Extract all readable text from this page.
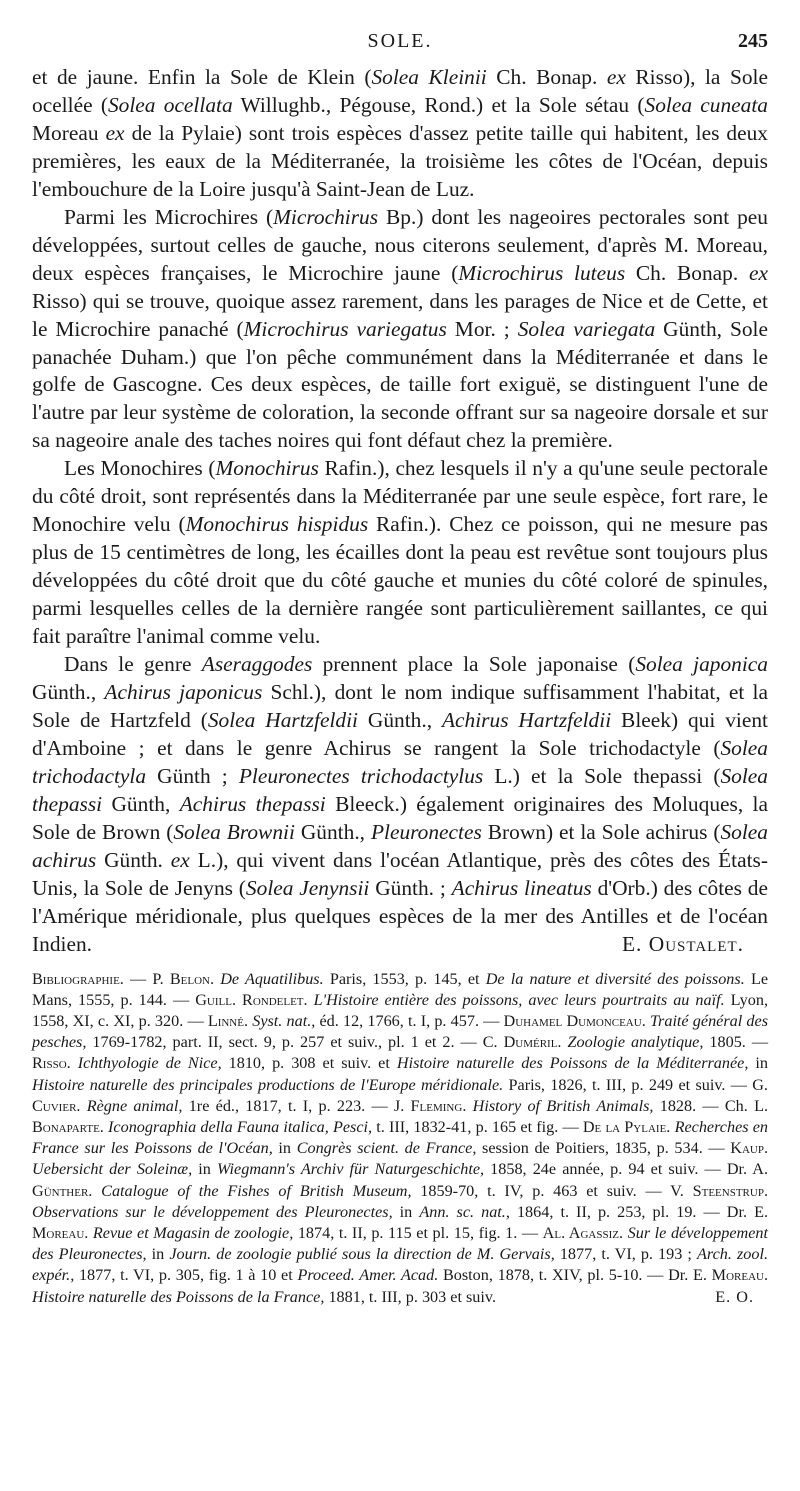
SOLE.	245

et de jaune. Enfin la Sole de Klein (Solea Kleinii Ch. Bonap. ex Risso), la Sole ocellée (Solea ocellata Willughb., Pégouse, Rond.) et la Sole sétau (Solea cuneata Moreau ex de la Pylaie) sont trois espèces d'assez petite taille qui habitent, les deux premières, les eaux de la Méditerranée, la troisième les côtes de l'Océan, depuis l'embouchure de la Loire jusqu'à Saint-Jean de Luz.

Parmi les Microchires (Microchirus Bp.) dont les nageoires pectorales sont peu développées, surtout celles de gauche, nous citerons seulement, d'après M. Moreau, deux espèces françaises, le Microchire jaune (Microchirus luteus Ch. Bonap. ex Risso) qui se trouve, quoique assez rarement, dans les parages de Nice et de Cette, et le Microchire panaché (Microchirus variegatus Mor. ; Solea variegata Günth, Sole panachée Duham.) que l'on pêche communément dans la Méditerranée et dans le golfe de Gascogne. Ces deux espèces, de taille fort exiguë, se distinguent l'une de l'autre par leur système de coloration, la seconde offrant sur sa nageoire dorsale et sur sa nageoire anale des taches noires qui font défaut chez la première.

Les Monochires (Monochirus Rafin.), chez lesquels il n'y a qu'une seule pectorale du côté droit, sont représentés dans la Méditerranée par une seule espèce, fort rare, le Monochire velu (Monochirus hispidus Rafin.). Chez ce poisson, qui ne mesure pas plus de 15 centimètres de long, les écailles dont la peau est revêtue sont toujours plus développées du côté droit que du côté gauche et munies du côté coloré de spinules, parmi lesquelles celles de la dernière rangée sont particulièrement saillantes, ce qui fait paraître l'animal comme velu.

Dans le genre Aseraggodes prennent place la Sole japonaise (Solea japonica Günth., Achirus japonicus Schl.), dont le nom indique suffisamment l'habitat, et la Sole de Hartzfeld (Solea Hartzfeldii Günth., Achirus Hartzfeldii Bleek) qui vient d'Amboine ; et dans le genre Achirus se rangent la Sole trichodactyle (Solea trichodactyla Günth ; Pleuronectes trichodactylus L.) et la Sole thepassi (Solea thepassi Günth, Achirus thepassi Bleeck.) également originaires des Moluques, la Sole de Brown (Solea Brownii Günth., Pleuronectes Brown) et la Sole achirus (Solea achirus Günth. ex L.), qui vivent dans l'océan Atlantique, près des côtes des États-Unis, la Sole de Jenyns (Solea Jenynsii Günth. ; Achirus lineatus d'Orb.) des côtes de l'Amérique méridionale, plus quelques espèces de la mer des Antilles et de l'océan Indien.	E. Oustalet.

Bibliographie. — P. Belon. De Aquatilibus. Paris, 1553, p. 145, et De la nature et diversité des poissons. Le Mans, 1555, p. 144. — Guill. Rondelet. L'Histoire entière des poissons, avec leurs pourtraits au naïf. Lyon, 1558, XI, c. XI, p. 320. — Linné. Syst. nat., éd. 12, 1766, t. I, p. 457. — Duhamel Dumonceau. Traité général des pesches, 1769-1782, part. II, sect. 9, p. 257 et suiv., pl. 1 et 2. — C. Duméril. Zoologie analytique, 1805. — Risso. Ichthyologie de Nice, 1810, p. 308 et suiv. et Histoire naturelle des Poissons de la Méditerranée, in Histoire naturelle des principales productions de l'Europe méridionale. Paris, 1826, t. III, p. 249 et suiv. — G. Cuvier. Règne animal, 1re éd., 1817, t. I, p. 223. — J. Fleming. History of British Animals, 1828. — Ch. L. Bonaparte. Iconographia della Fauna italica, Pesci, t. III, 1832-41, p. 165 et fig. — De la Pylaie. Recherches en France sur les Poissons de l'Océan, in Congrès scient. de France, session de Poitiers, 1835, p. 534. — Kaup. Uebersicht der Soleinæ, in Wiegmann's Archiv für Naturgeschichte, 1858, 24e année, p. 94 et suiv. — Dr. A. Günther. Catalogue of the Fishes of British Museum, 1859-70, t. IV, p. 463 et suiv. — V. Steenstrup. Observations sur le développement des Pleuronectes, in Ann. sc. nat., 1864, t. II, p. 253, pl. 19. — Dr. E. Moreau. Revue et Magasin de zoologie, 1874, t. II, p. 115 et pl. 15, fig. 1. — Al. Agassiz. Sur le développement des Pleuronectes, in Journ. de zoologie publié sous la direction de M. Gervais, 1877, t. VI, p. 193 ; Arch. zool. expér., 1877, t. VI, p. 305, fig. 1 à 10 et Proceed. Amer. Acad. Boston, 1878, t. XIV, pl. 5-10. — Dr. E. Moreau. Histoire naturelle des Poissons de la France, 1881, t. III, p. 303 et suiv.	E. O.
